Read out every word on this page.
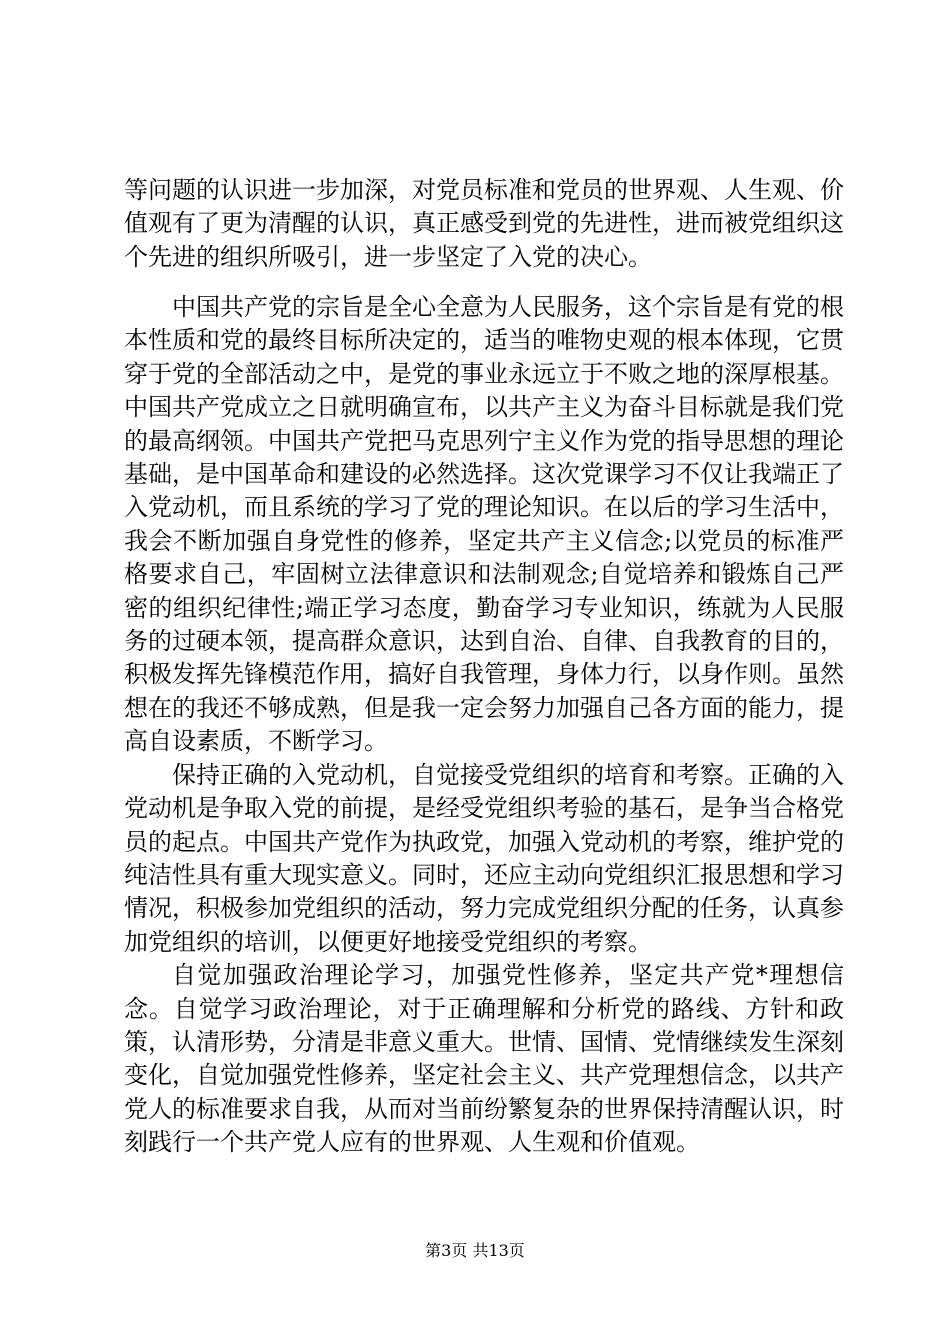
等问题的认识进一步加深，对党员标准和党员的世界观、人生观、价值观有了更为清醒的认识，真正感受到党的先进性，进而被党组织这个先进的组织所吸引，进一步坚定了入党的决心。

中国共产党的宗旨是全心全意为人民服务，这个宗旨是有党的根本性质和党的最终目标所决定的，适当的唯物史观的根本体现，它贯穿于党的全部活动之中，是党的事业永远立于不败之地的深厚根基。中国共产党成立之日就明确宣布，以共产主义为奋斗目标就是我们党的最高纲领。中国共产党把马克思列宁主义作为党的指导思想的理论基础，是中国革命和建设的必然选择。这次党课学习不仅让我端正了入党动机，而且系统的学习了党的理论知识。在以后的学习生活中，我会不断加强自身党性的修养，坚定共产主义信念;以党员的标准严格要求自己，牢固树立法律意识和法制观念;自觉培养和锻炼自己严密的组织纪律性;端正学习态度，勤奋学习专业知识，练就为人民服务的过硬本领，提高群众意识，达到自治、自律、自我教育的目的，积极发挥先锋模范作用，搞好自我管理，身体力行，以身作则。虽然想在的我还不够成熟，但是我一定会努力加强自己各方面的能力，提高自设素质，不断学习。

保持正确的入党动机，自觉接受党组织的培育和考察。正确的入党动机是争取入党的前提，是经受党组织考验的基石，是争当合格党员的起点。中国共产党作为执政党，加强入党动机的考察，维护党的纯洁性具有重大现实意义。同时，还应主动向党组织汇报思想和学习情况，积极参加党组织的活动，努力完成党组织分配的任务，认真参加党组织的培训，以便更好地接受党组织的考察。

自觉加强政治理论学习，加强党性修养，坚定共产党*理想信念。自觉学习政治理论，对于正确理解和分析党的路线、方针和政策，认清形势，分清是非意义重大。世情、国情、党情继续发生深刻变化，自觉加强党性修养，坚定社会主义、共产党理想信念，以共产党人的标准要求自我，从而对当前纷繁复杂的世界保持清醒认识，时刻践行一个共产党人应有的世界观、人生观和价值观。

第3页 共13页
